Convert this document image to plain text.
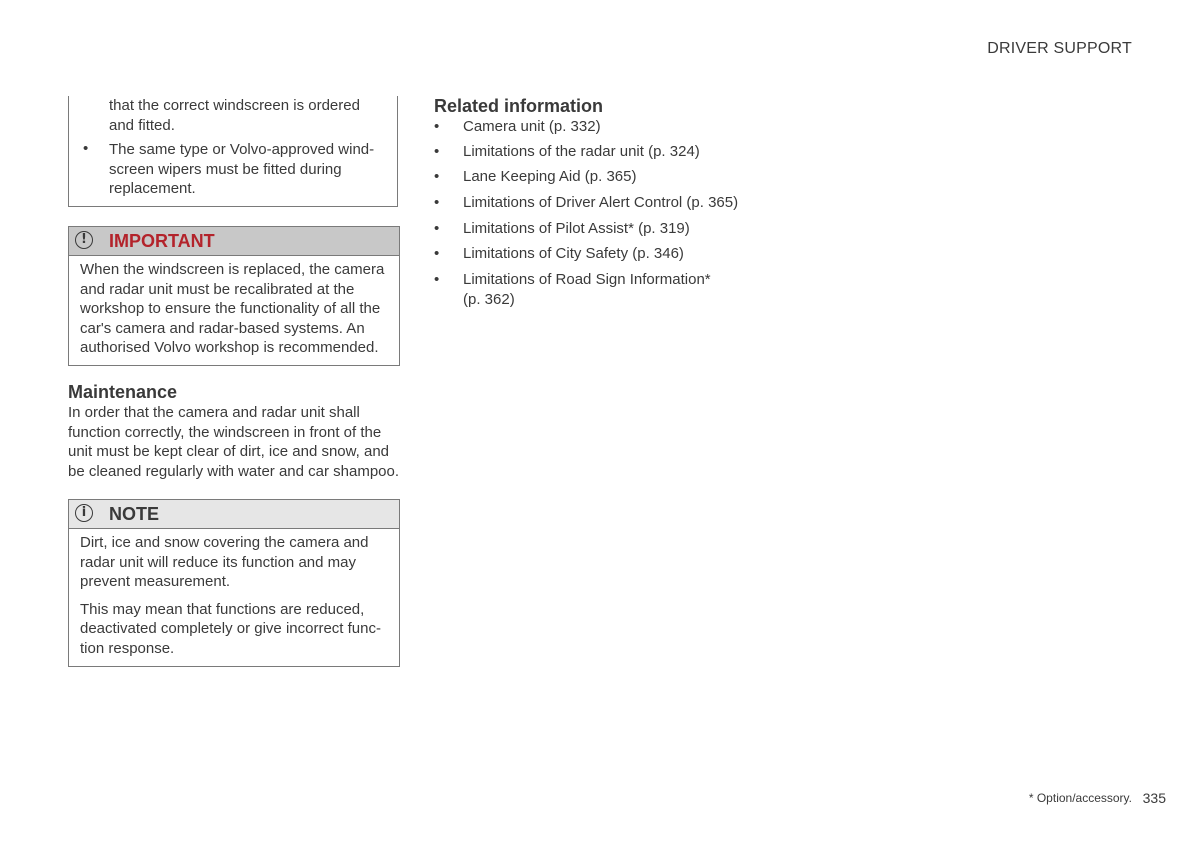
DRIVER SUPPORT
that the correct windscreen is ordered
and fitted.
• The same type or Volvo-approved wind-
screen wipers must be fitted during
replacement.
!	IMPORTANT

When the windscreen is replaced, the camera and radar unit must be recalibrated at the workshop to ensure the functionality of all the car's camera and radar-based systems. An authorised Volvo workshop is recommended.

Maintenance
In order that the camera and radar unit shall function correctly, the windscreen in front of the unit must be kept clear of dirt, ice and snow, and be cleaned regularly with water and car shampoo.
i	NOTE

Dirt, ice and snow covering the camera and radar unit will reduce its function and may prevent measurement.

This may mean that functions are reduced, deactivated completely or give incorrect func- tion response.

Related information
• Camera unit (p. 332)
• Limitations of the radar unit (p. 324)
• Lane Keeping Aid (p. 365)
• Limitations of Driver Alert Control (p. 365)
• Limitations of Pilot Assist* (p. 319)
• Limitations of City Safety (p. 346)
• Limitations of Road Sign Information*
(p. 362)
* Option/accessory. 335
